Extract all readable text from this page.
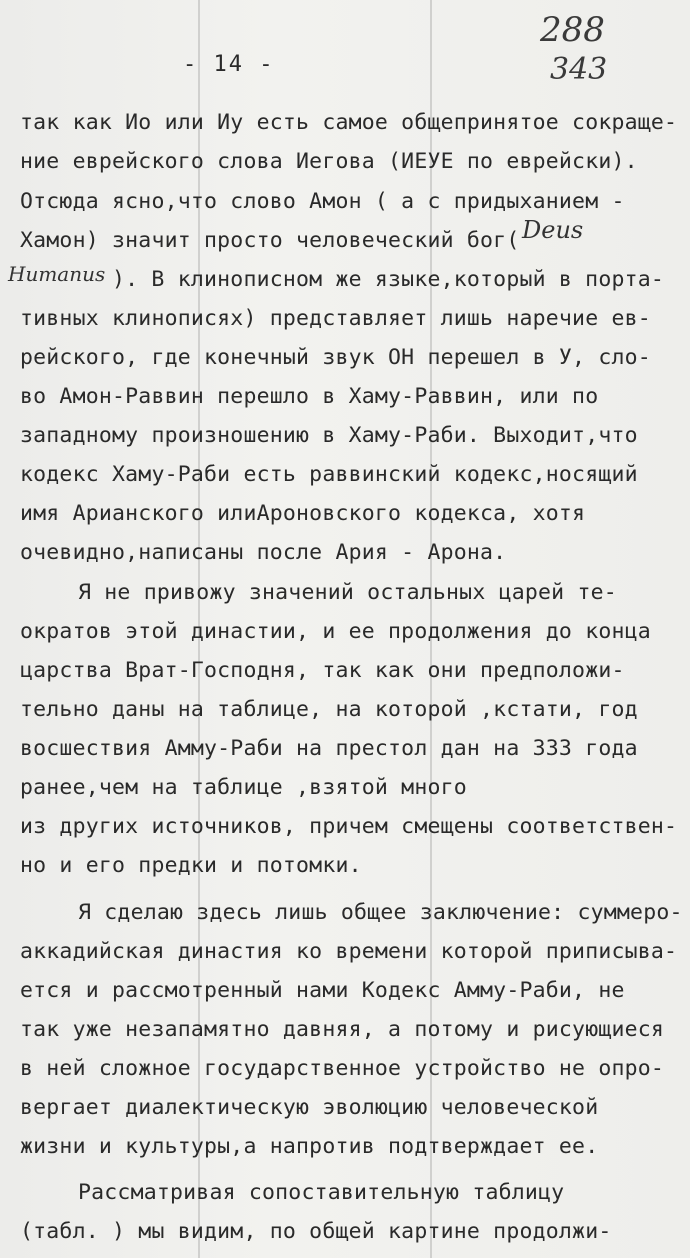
- 14 -
288
343
так как Ио или Иу есть самое общепринятое сокраще-
ние еврейского слова Иегова (ИЕУЕ по еврейски).
Отсюда ясно,что слово Амон ( а с придыханием -
Хамон) значит просто человеческий бог( Deus
Humanus ). В клинописном же языке,который в порта-
тивных клинописях) представляет лишь наречие ев-
рейского, где конечный звук ОН перешел в У, сло-
во Амон-Раввин перешло в Хаму-Раввин, или по
западному произношению в Хаму-Раби. Выходит,что
кодекс Хаму-Раби есть раввинский кодекс,носящий
имя Арианского илиАроновского кодекса, хотя
очевидно,написаны после Ария - Арона.
Я не привожу значений остальных царей те-
ократов этой династии, и ее продолжения до конца
царства Врат-Господня, так как они предположи-
тельно даны на таблице, на которой ,кстати, год
восшествия Амму-Раби на престол дан на 333 года
ранее,чем на таблице ,взятой много
из других источников, причем смещены соответствен-
но и его предки и потомки.
Я сделаю здесь лишь общее заключение: суммеро-
аккадийская династия ко времени которой приписыва-
ется и рассмотренный нами Кодекс Амму-Раби, не
так уже незапамятно давняя, а потому и рисующиеся
в ней сложное государственное устройство не опро-
вергает диалектическую эволюцию человеческой
жизни и культуры,а напротив подтверждает ее.
Рассматривая сопоставительную таблицу
(табл. ) мы видим, по общей картине продолжи-
